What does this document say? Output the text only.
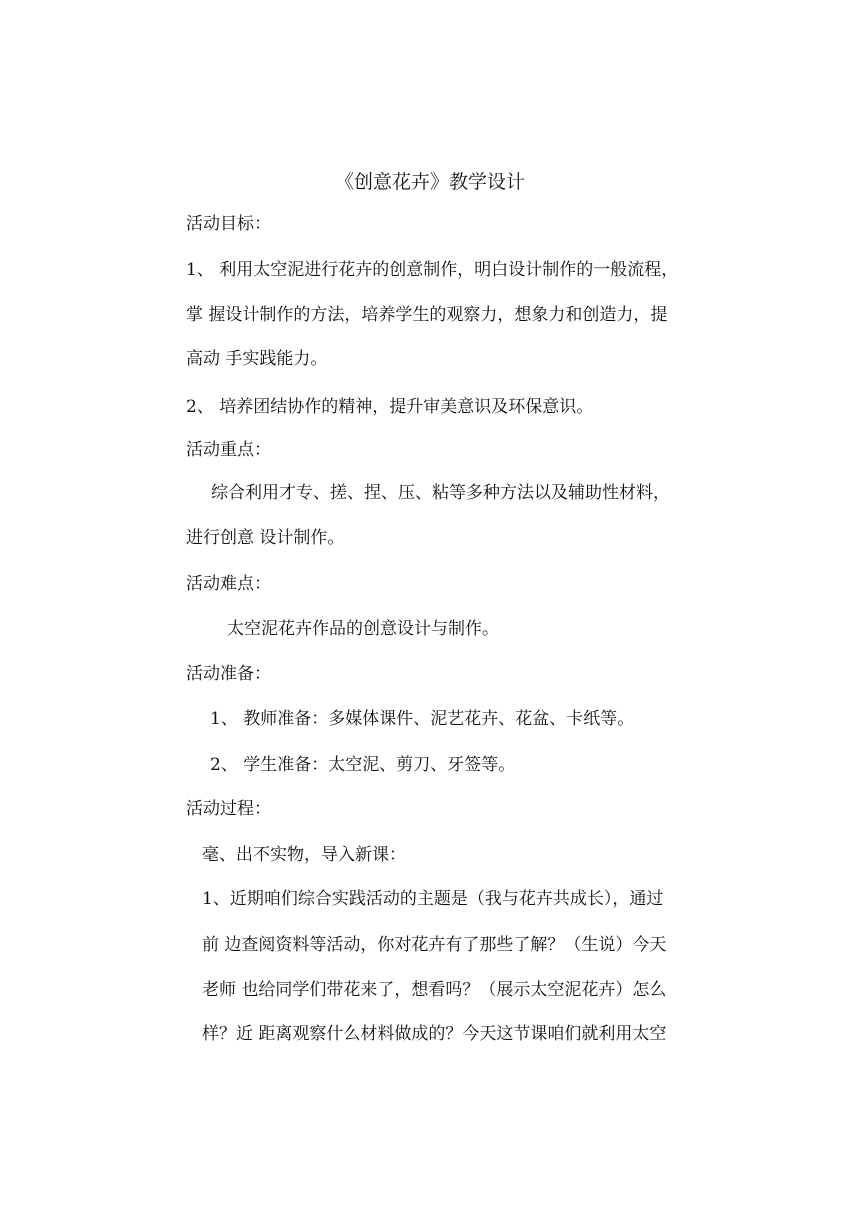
《创意花卉》教学设计
活动目标：
1、 利用太空泥进行花卉的创意制作，明白设计制作的一般流程，
掌 握设计制作的方法，培养学生的观察力，想象力和创造力，提
高动 手实践能力。
2、 培养团结协作的精神，提升审美意识及环保意识。
活动重点：
综合利用才专、搓、捏、压、粘等多种方法以及辅助性材料，
进行创意 设计制作。
活动难点：
太空泥花卉作品的创意设计与制作。
活动准备：
1、 教师准备：多媒体课件、泥艺花卉、花盆、卡纸等。
2、 学生准备：太空泥、剪刀、牙签等。
活动过程：
毫、出不实物，导入新课：
1、近期咱们综合实践活动的主题是（我与花卉共成长），通过
前 边查阅资料等活动，你对花卉有了那些了解？（生说）今天
老师 也给同学们带花来了，想看吗？（展示太空泥花卉）怎么
样？近 距离观察什么材料做成的？今天这节课咱们就利用太空
